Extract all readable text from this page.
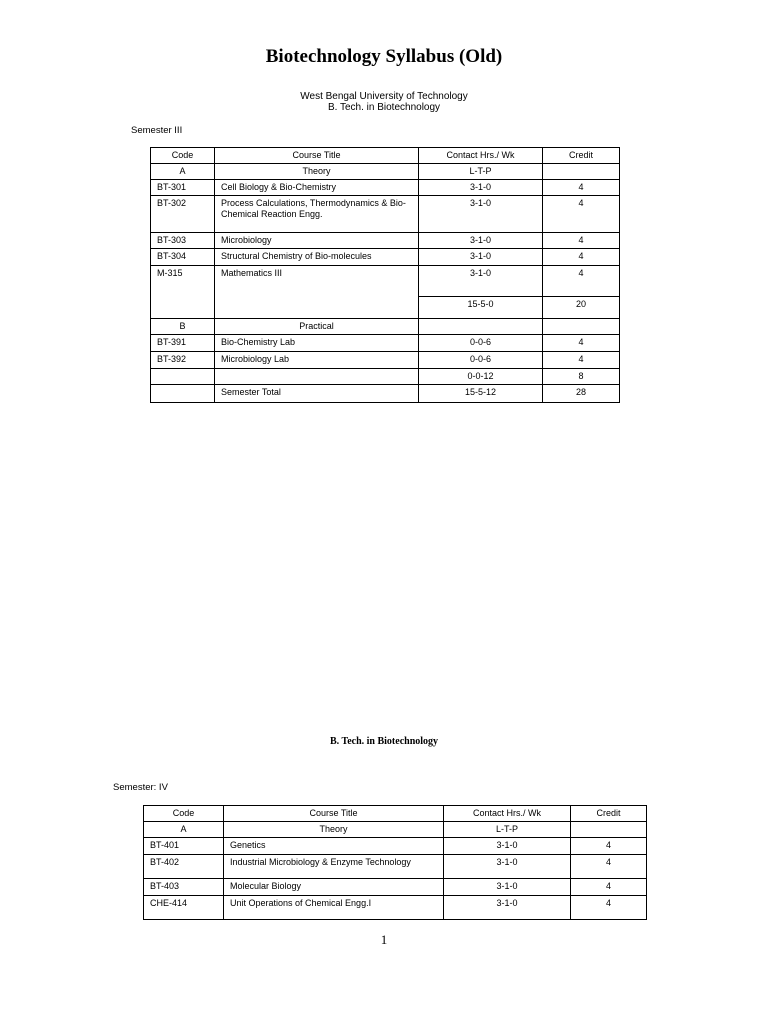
Biotechnology Syllabus (Old)
West Bengal University of Technology
B. Tech. in Biotechnology
Semester III
Code	Course Title	Contact Hrs./ Wk	Credit
A	Theory	L-T-P	
BT-301	Cell Biology & Bio-Chemistry	3-1-0	4
BT-302	Process Calculations, Thermodynamics & Bio-Chemical Reaction Engg.	3-1-0	4
BT-303	Microbiology	3-1-0	4
BT-304	Structural Chemistry of Bio-molecules	3-1-0	4
M-315	Mathematics III	3-1-0	4
		15-5-0	20
B	Practical		
BT-391	Bio-Chemistry Lab	0-0-6	4
BT-392	Microbiology Lab	0-0-6	4
		0-0-12	8
	Semester Total	15-5-12	28
B. Tech. in Biotechnology
Semester: IV
Code	Course Title	Contact Hrs./ Wk	Credit
A	Theory	L-T-P	
BT-401	Genetics	3-1-0	4
BT-402	Industrial Microbiology & Enzyme Technology	3-1-0	4
BT-403	Molecular Biology	3-1-0	4
CHE-414	Unit Operations of Chemical Engg.I	3-1-0	4
1
